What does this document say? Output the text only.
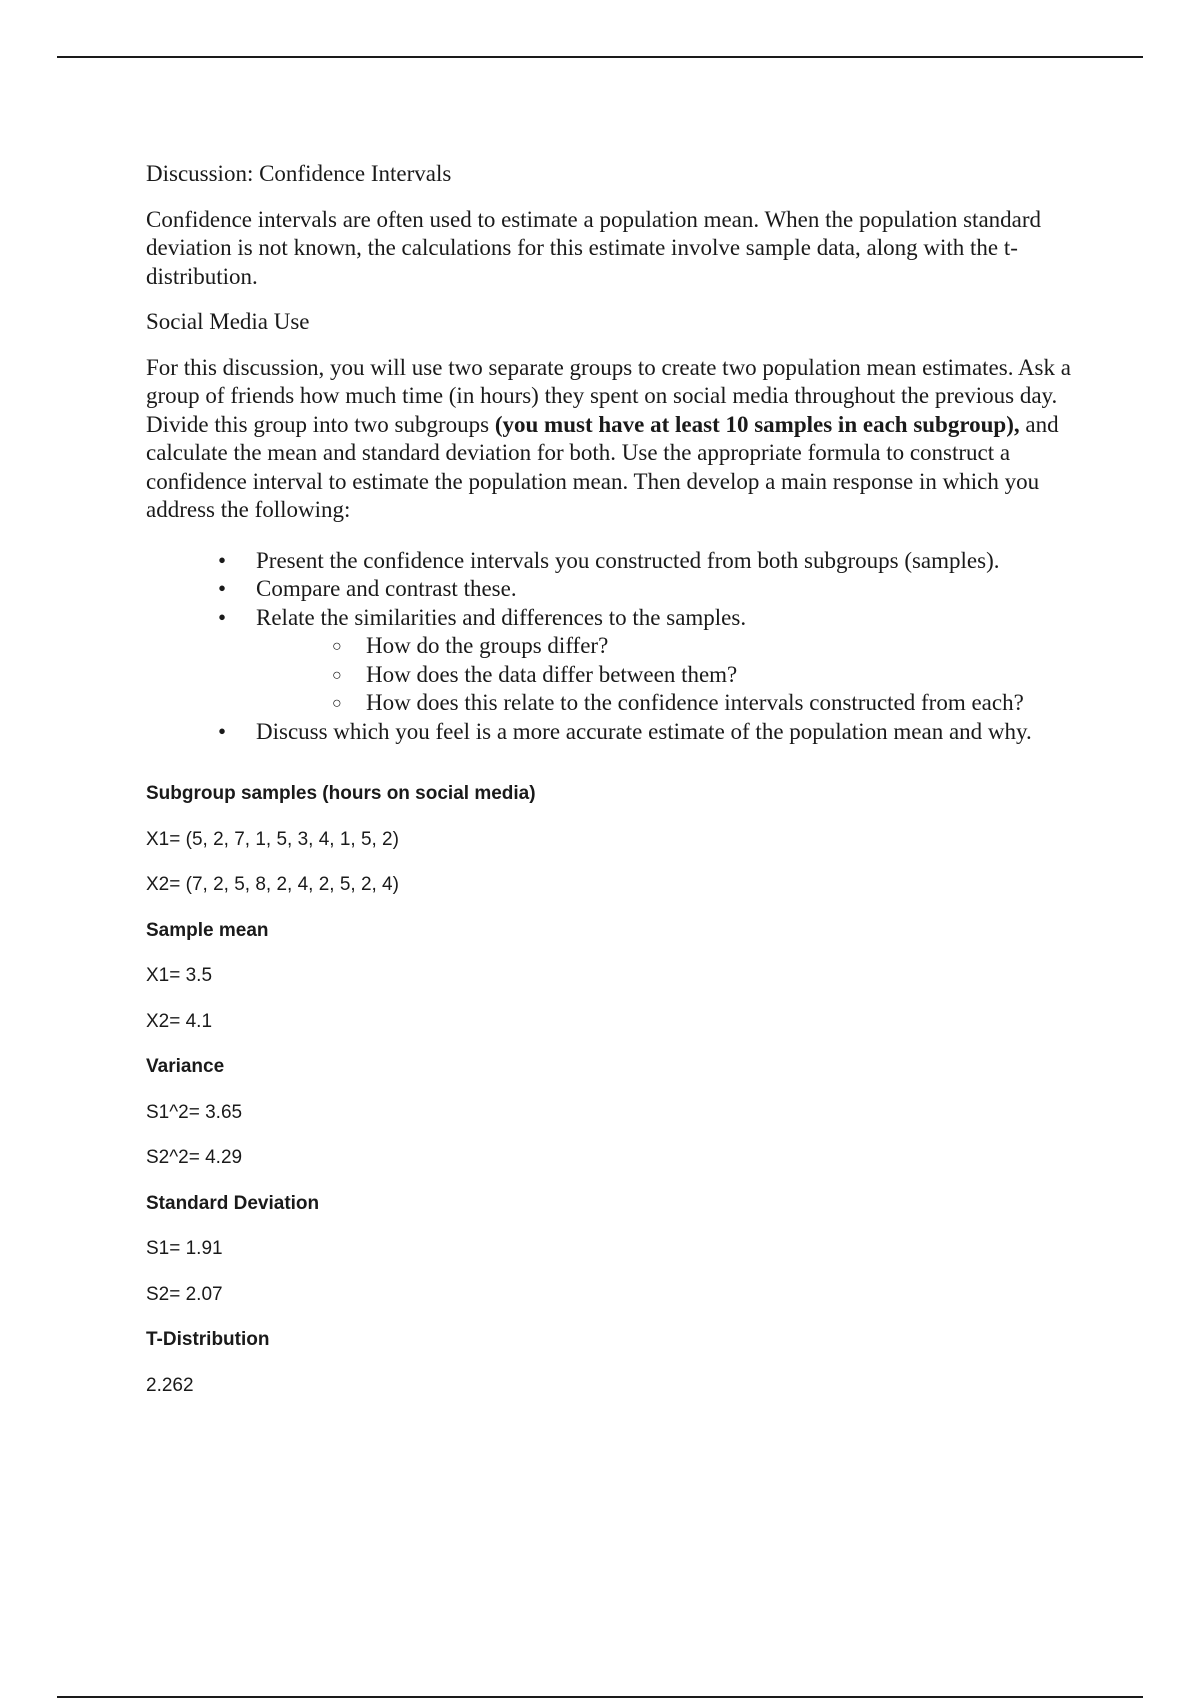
Discussion: Confidence Intervals

Confidence intervals are often used to estimate a population mean. When the population standard deviation is not known, the calculations for this estimate involve sample data, along with the t-distribution.

Social Media Use

For this discussion, you will use two separate groups to create two population mean estimates. Ask a group of friends how much time (in hours) they spent on social media throughout the previous day. Divide this group into two subgroups (you must have at least 10 samples in each subgroup), and calculate the mean and standard deviation for both. Use the appropriate formula to construct a confidence interval to estimate the population mean. Then develop a main response in which you address the following:

• Present the confidence intervals you constructed from both subgroups (samples).
• Compare and contrast these.
• Relate the similarities and differences to the samples.
○ How do the groups differ?
○ How does the data differ between them?
○ How does this relate to the confidence intervals constructed from each?
• Discuss which you feel is a more accurate estimate of the population mean and why.

Subgroup samples (hours on social media)

X1= (5, 2, 7, 1, 5, 3, 4, 1, 5, 2)

X2= (7, 2, 5, 8, 2, 4, 2, 5, 2, 4)

Sample mean

X1= 3.5

X2= 4.1

Variance

S1^2= 3.65

S2^2= 4.29

Standard Deviation

S1= 1.91

S2= 2.07

T-Distribution

2.262
